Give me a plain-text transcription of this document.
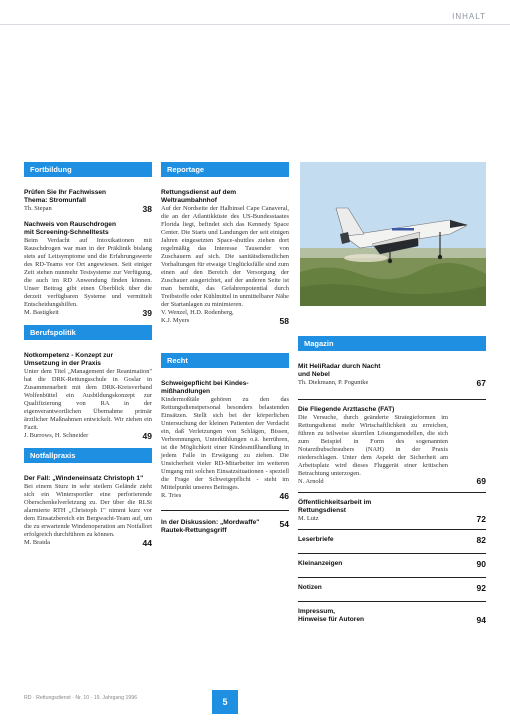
INHALT
Fortbildung
Prüfen Sie Ihr Fachwissen
Thema: Stromunfall
Th. Stepan	38
Nachweis von Rauschdrogen
mit Screening-Schnelltests
Beim Verdacht auf Intoxikationen mit Rauschdrogen war man in der Präklinik bislang stets auf Leitsymptome und die Erfahrungswerte des RD-Teams vor Ort angewiesen. Seit einiger Zeit stehen nunmehr Testsysteme zur Verfügung, die auch im RD Anwendung finden können. Unser Beitrag gibt einen Überblick über die derzeit verfügbaren Systeme und vermittelt Entscheidungshilfen.
M. Bastigkeit	39
Berufspolitik
Notkompetenz - Konzept zur
Umsetzung in der Praxis
Unter dem Titel „Management der Reanimation" hat die DRK-Rettungsschule in Goslar in Zusammenarbeit mit dem DRK-Kreisverband Wolfenbüttel ein Ausbildungskonzept zur Qualifizierung von RA in der eigenverantwortlichen Übernahme primär ärztlicher Maßnahmen entwickelt. Wir ziehen ein Fazit.
J. Burrows, H. Schneider	49
Notfallpraxis
Der Fall: „Windeneinsatz Christoph 1"
Bei einem Sturz in sehr steilem Gelände zieht sich ein Wintersportler eine perforierende Oberschenkelverletzung zu. Der über die RLSt alarmierte RTH „Christoph 1" nimmt kurz vor dem Einsatzbereich ein Bergwacht-Team auf, um die zu erwartende Windenoperation am Notfallort erfolgreich durchführen zu können.
M. Braida	44
Reportage
Rettungsdienst auf dem
Weltraumbahnhof
Auf der Nordseite der Halbinsel Cape Canaveral, die an der Atlantikküste des US-Bundesstaates Florida liegt, befindet sich das Kennedy Space Center. Die Starts und Landungen der seit einigen Jahren eingesetzten Space-shuttles ziehen dort regelmäßig das Interesse Tausender von Zuschauern auf sich. Die sanitätsdienstlichen Vorhaltungen für etwaige Unglücksfälle sind zum einen auf den Bereich der Versorgung der Zuschauer ausgerichtet, auf der anderen Seite ist man bemüht, das Gefahrenpotential durch Treibstoffe oder Kühlmittel in unmittelbarer Nähe der Startanlagen zu minimieren.
V. Wenzel, H.D. Rodenberg,
K.J. Myers	58
Recht
Schweigepflicht bei Kindes-
mißhandlungen
Kindermoßtäle gehören zu den das Rettungsdienstpersonal besonders belastenden Einsätzen. Stellt sich bei der körperlichen Untersuchung der kleinen Patienten der Verdacht ein, daß Verletzungen von Schlägen, Bissen, Verbrennungen, Unterkühlungen o.ä. herrühren, ist die Möglichkeit einer Kindesmißhandlung in jedem Falle in Erwägung zu ziehen. Die Unsicherheit vieler RD-Mitarbeiter im weiteren Umgang mit solchen Einsatzsituationen - speziell die Frage der Schweigepflicht - steht im Mittelpunkt unseres Beitrages.
R. Tries	46
In der Diskussion: „Mordwaffe"
Rautek-Rettungsgriff
54
Magazin
Mit HeliRadar durch Nacht
und Nebel
Th. Diekmann, P. Poguntke	67
Die Fliegende Arzttasche (FAT)
Die Versuche, durch geänderte Strategieformen im Rettungsdienst mehr Wirtschaftlichkeit zu erreichen, führen zu teilweise skurrilen Lösungsmodellen, die sich zum Beispiel in Form des sogenannten Notarzthubschraubers (NAH) in der Praxis niederschlagen. Unter dem Aspekt der Sicherheit am Arbeitsplatz wird dieses Fluggerät einer kritischen Betrachtung unterzogen.
N. Arnold	69
Öffentlichkeitsarbeit im
Rettungsdienst
M. Lutz	72
Leserbriefe	82
Kleinanzeigen	90
Notizen	92
Impressum,
Hinweise für Autoren	94
RD · Rettungsdienst · Nr. 10 · 19. Jahrgang 1996	5
